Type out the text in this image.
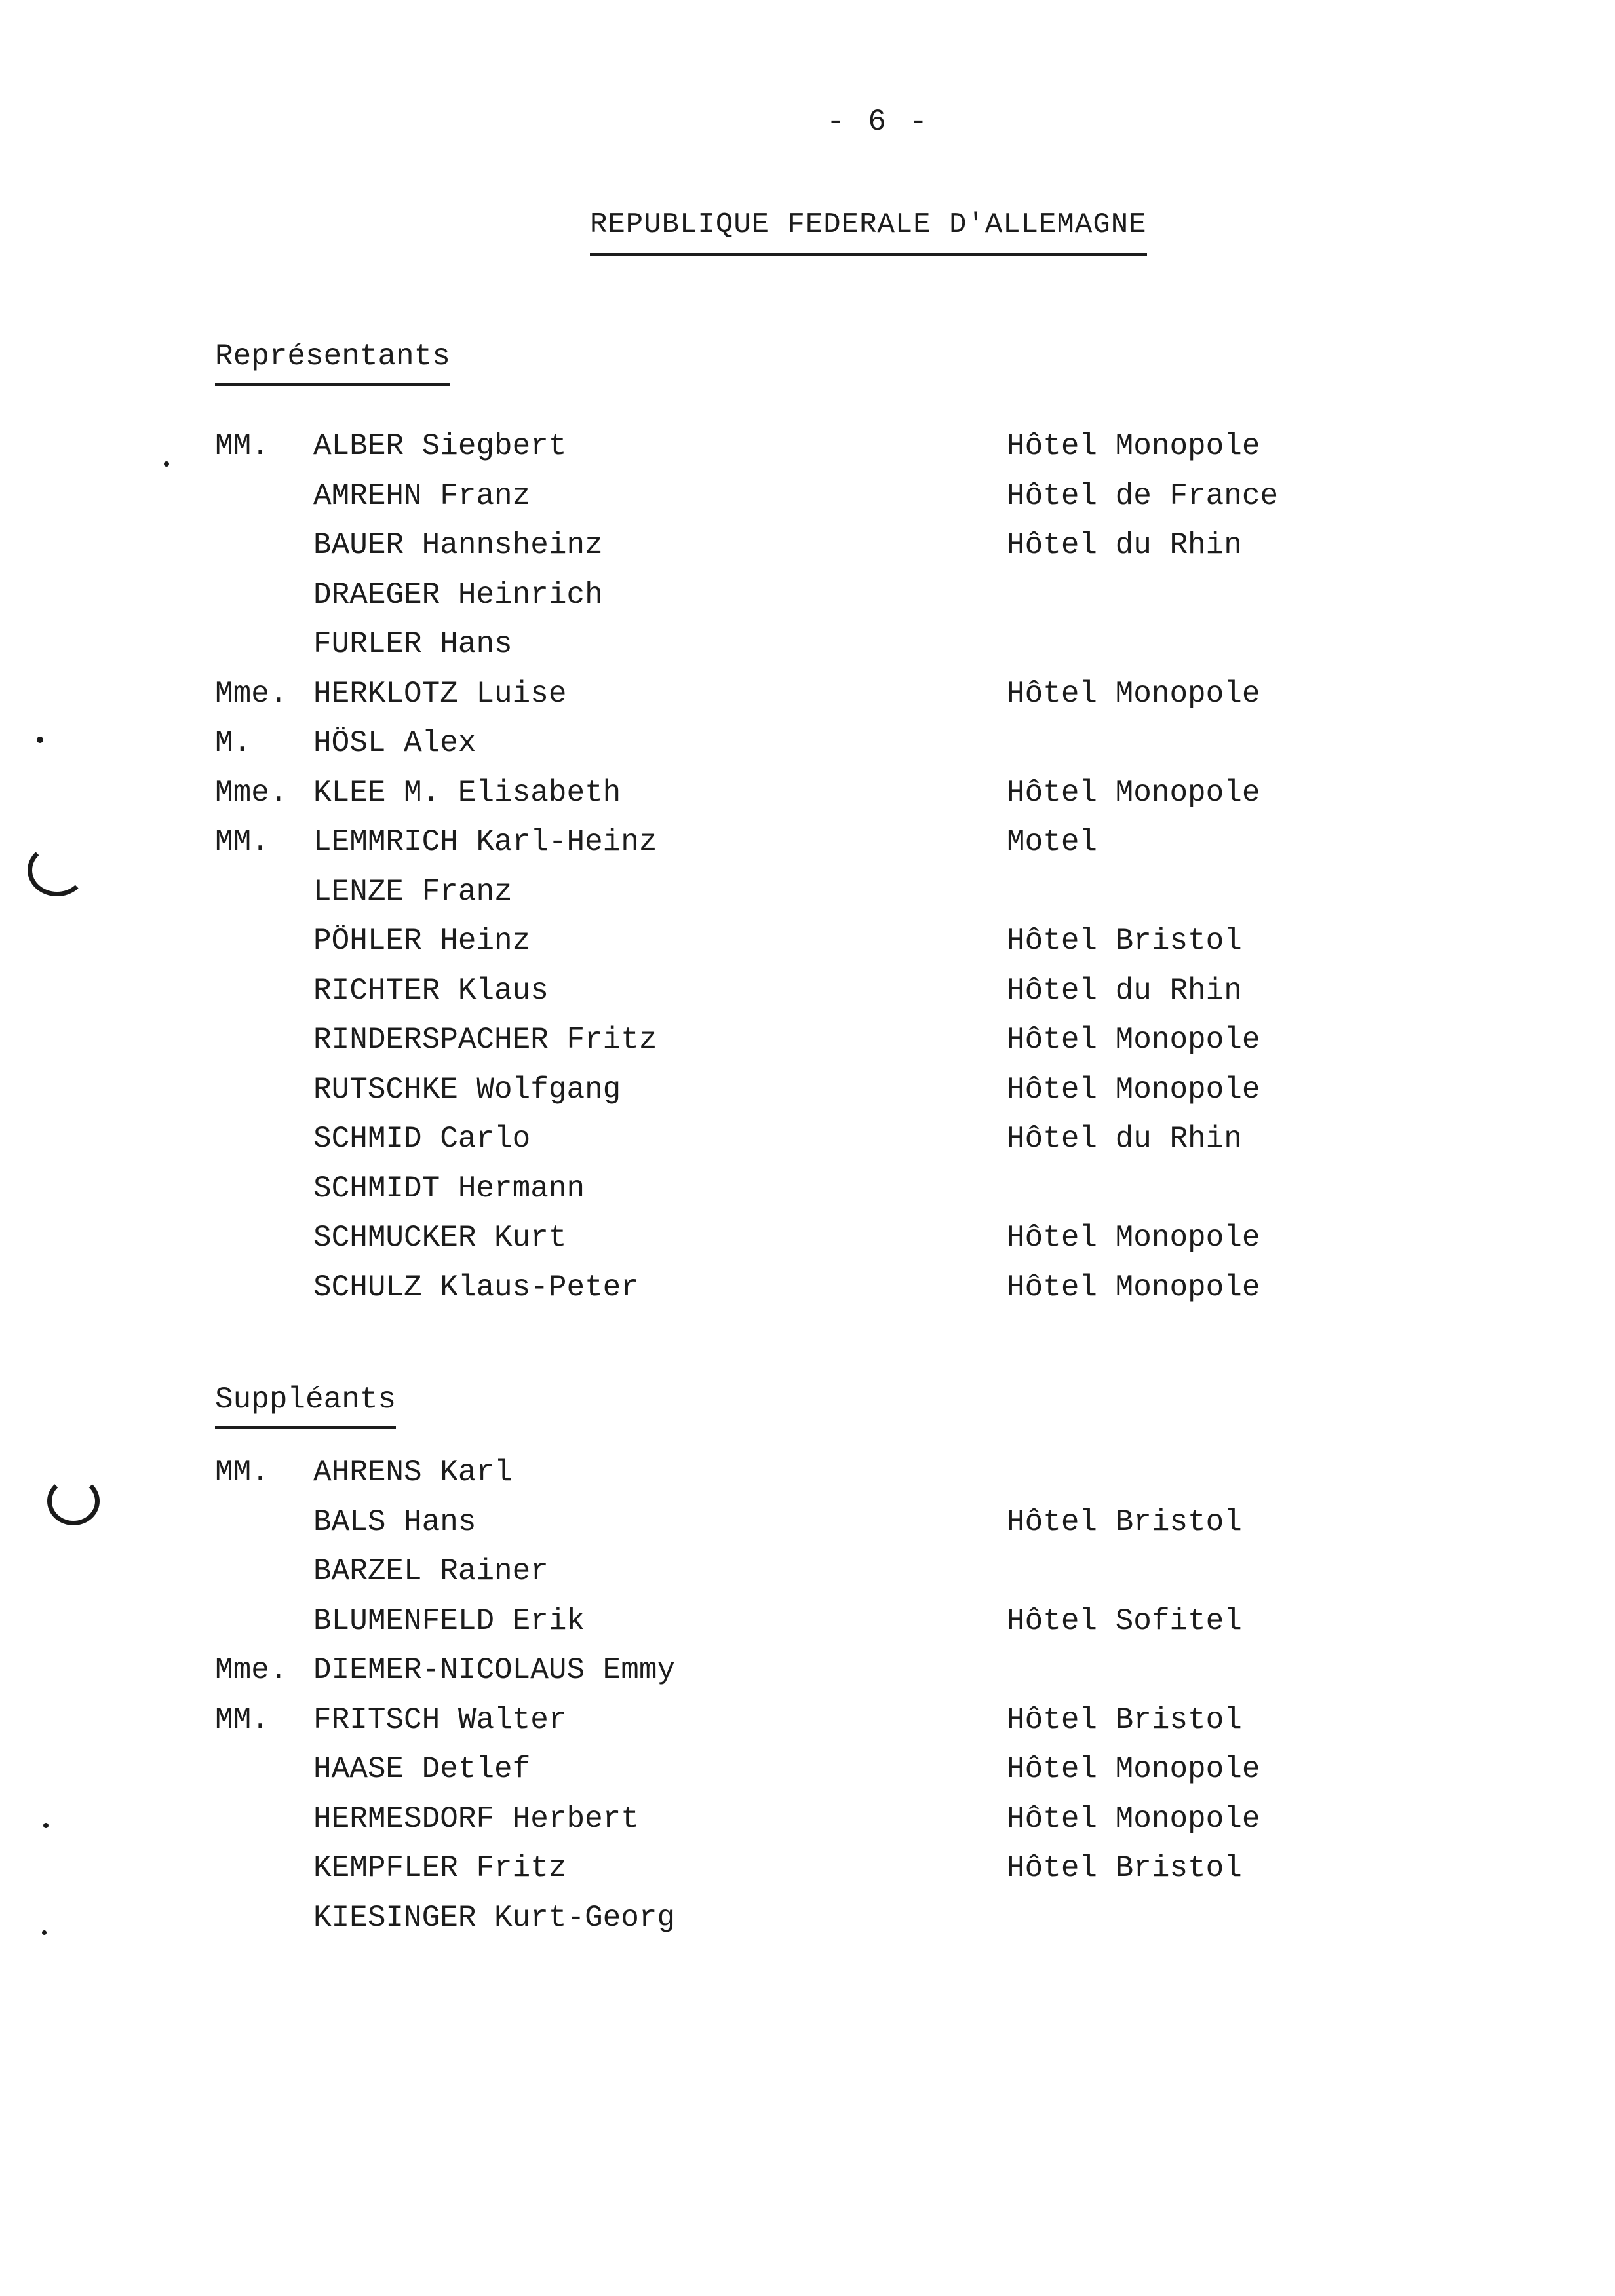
- 6 -
REPUBLIQUE FEDERALE D'ALLEMAGNE
Représentants
MM.	ALBER Siegbert	Hôtel Monopole
AMREHN Franz	Hôtel de France
BAUER Hannsheinz	Hôtel du Rhin
DRAEGER Heinrich
FURLER Hans
Mme. HERKLOTZ Luise	Hôtel Monopole
M.	HÖSL Alex
Mme. KLEE M. Elisabeth	Hôtel Monopole
MM.	LEMMRICH Karl-Heinz	Motel
LENZE Franz
PÖHLER Heinz	Hôtel Bristol
RICHTER Klaus	Hôtel du Rhin
RINDERSPACHER Fritz	Hôtel Monopole
RUTSCHKE Wolfgang	Hôtel Monopole
SCHMID Carlo	Hôtel du Rhin
SCHMIDT Hermann
SCHMUCKER Kurt	Hôtel Monopole
SCHULZ Klaus-Peter	Hôtel Monopole
Suppléants
MM.	AHRENS Karl
BALS Hans	Hôtel Bristol
BARZEL Rainer
BLUMENFELD Erik	Hôtel Sofitel
Mme. DIEMER-NICOLAUS Emmy
MM.	FRITSCH Walter	Hôtel Bristol
HAASE Detlef	Hôtel Monopole
HERMESDORF Herbert	Hôtel Monopole
KEMPFLER Fritz	Hôtel Bristol
KIESINGER Kurt-Georg
